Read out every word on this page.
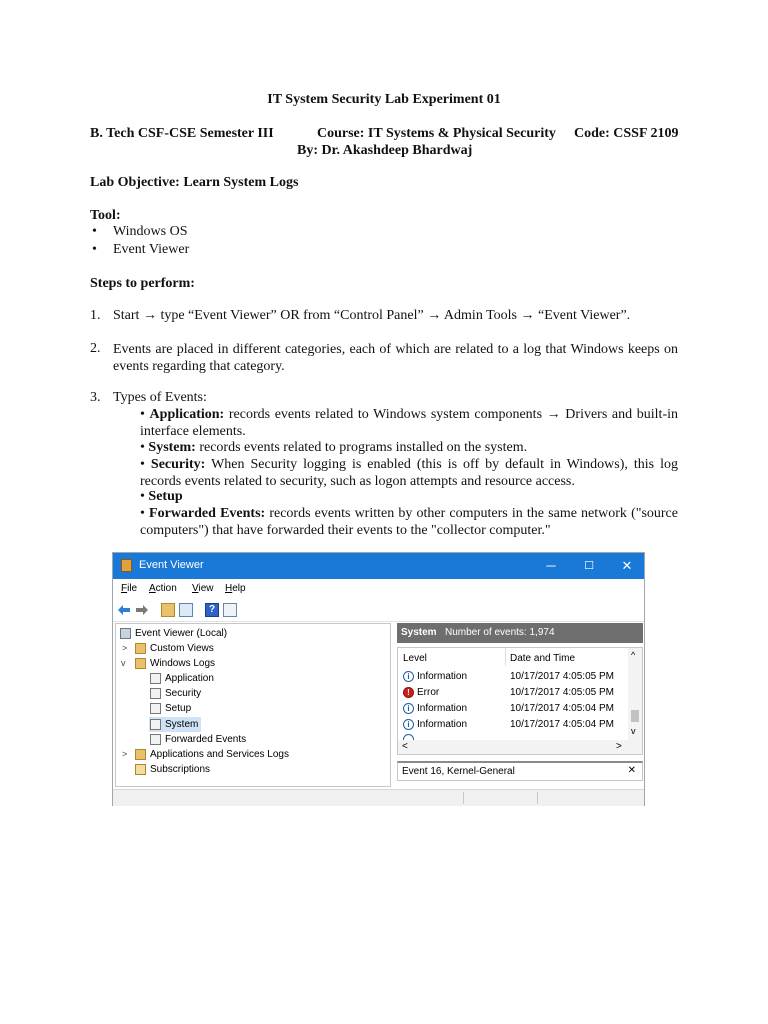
IT System Security Lab Experiment 01
B. Tech CSF-CSE Semester III	Course: IT Systems & Physical Security Code: CSSF 2109
By: Dr. Akashdeep Bhardwaj
Lab Objective: Learn System Logs
Tool:
• Windows OS
• Event Viewer
Steps to perform:
1. Start → type “Event Viewer” OR from “Control Panel” → Admin Tools → “Event Viewer”.
2. Events are placed in different categories, each of which are related to a log that Windows keeps on events regarding that category.
3. Types of Events:
• Application: records events related to Windows system components → Drivers and built-in interface elements.
• System: records events related to programs installed on the system.
• Security: When Security logging is enabled (this is off by default in Windows), this log records events related to security, such as logon attempts and resource access.
• Setup
• Forwarded Events: records events written by other computers in the same network ("source computers") that have forwarded their events to the "collector computer."
Event Viewer	─	☐	✕
File Action View Help
?
Event Viewer (Local)
> Custom Views
v Windows Logs
Application
Security
Setup
System
Forwarded Events
> Applications and Services Logs
Subscriptions
System Number of events: 1,974
Level	Date and Time
i Information	10/17/2017 4:05:05 PM
! Error	10/17/2017 4:05:05 PM
i Information	10/17/2017 4:05:04 PM
i Information	10/17/2017 4:05:04 PM
^
v
<	>
Event 16, Kernel-General	✕
